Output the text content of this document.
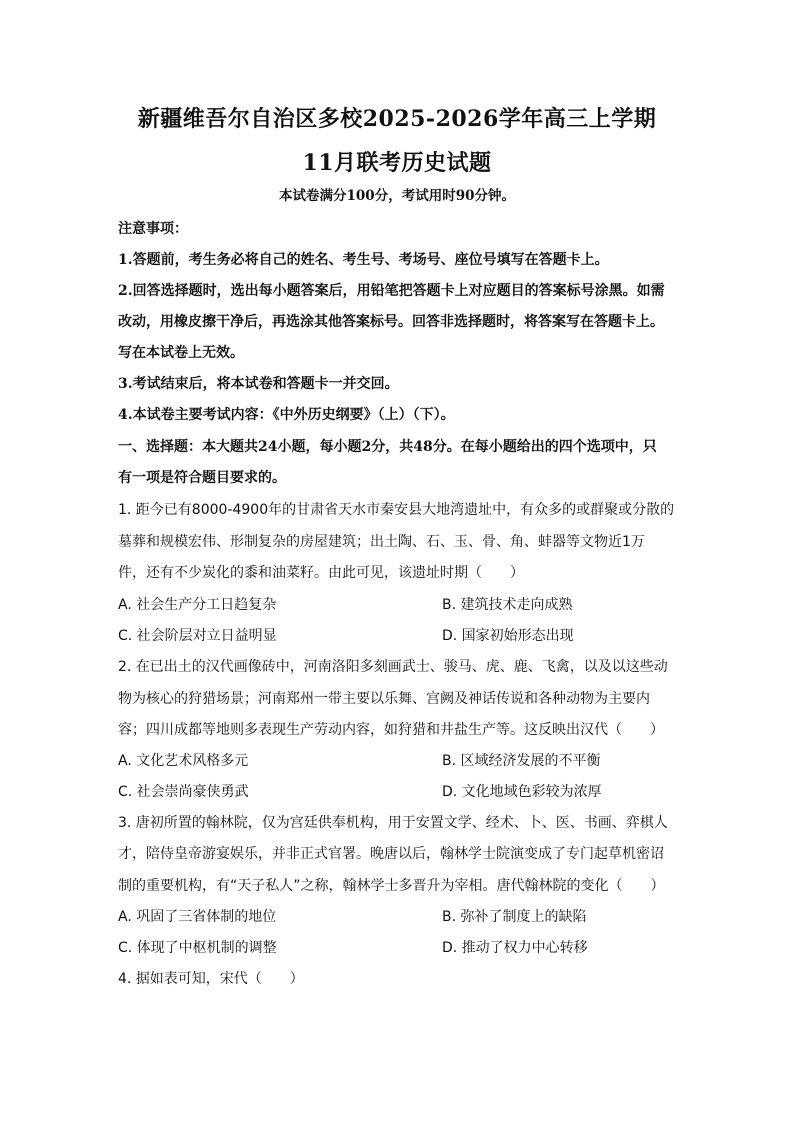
新疆维吾尔自治区多校2025-2026学年高三上学期
11月联考历史试题
本试卷满分100分，考试用时90分钟。
注意事项：
1.答题前，考生务必将自己的姓名、考生号、考场号、座位号填写在答题卡上。
2.回答选择题时，选出每小题答案后，用铅笔把答题卡上对应题目的答案标号涂黑。如需
改动，用橡皮擦干净后，再选涂其他答案标号。回答非选择题时，将答案写在答题卡上。
写在本试卷上无效。
3.考试结束后，将本试卷和答题卡一并交回。
4.本试卷主要考试内容：《中外历史纲要》（上）（下）。
一、选择题：本大题共24小题，每小题2分，共48分。在每小题给出的四个选项中，只
有一项是符合题目要求的。
1. 距今已有8000-4900年的甘肃省天水市秦安县大地湾遗址中，有众多的或群聚或分散的
墓葬和规模宏伟、形制复杂的房屋建筑；出土陶、石、玉、骨、角、蚌器等文物近1万
件，还有不少炭化的黍和油菜籽。由此可见，该遗址时期（　　）
A. 社会生产分工日趋复杂	B. 建筑技术走向成熟
C. 社会阶层对立日益明显	D. 国家初始形态出现
2. 在已出土的汉代画像砖中，河南洛阳多刻画武士、骏马、虎、鹿、飞禽，以及以这些动
物为核心的狩猎场景；河南郑州一带主要以乐舞、宫阙及神话传说和各种动物为主要内
容；四川成都等地则多表现生产劳动内容，如狩猎和井盐生产等。这反映出汉代（　　）
A. 文化艺术风格多元	B. 区域经济发展的不平衡
C. 社会崇尚豪侠勇武	D. 文化地域色彩较为浓厚
3. 唐初所置的翰林院，仅为宫廷供奉机构，用于安置文学、经术、卜、医、书画、弈棋人
才，陪侍皇帝游宴娱乐，并非正式官署。晚唐以后，翰林学士院演变成了专门起草机密诏
制的重要机构，有“天子私人”之称，翰林学士多晋升为宰相。唐代翰林院的变化（　　）
A. 巩固了三省体制的地位	B. 弥补了制度上的缺陷
C. 体现了中枢机制的调整	D. 推动了权力中心转移
4. 据如表可知，宋代（　　）
